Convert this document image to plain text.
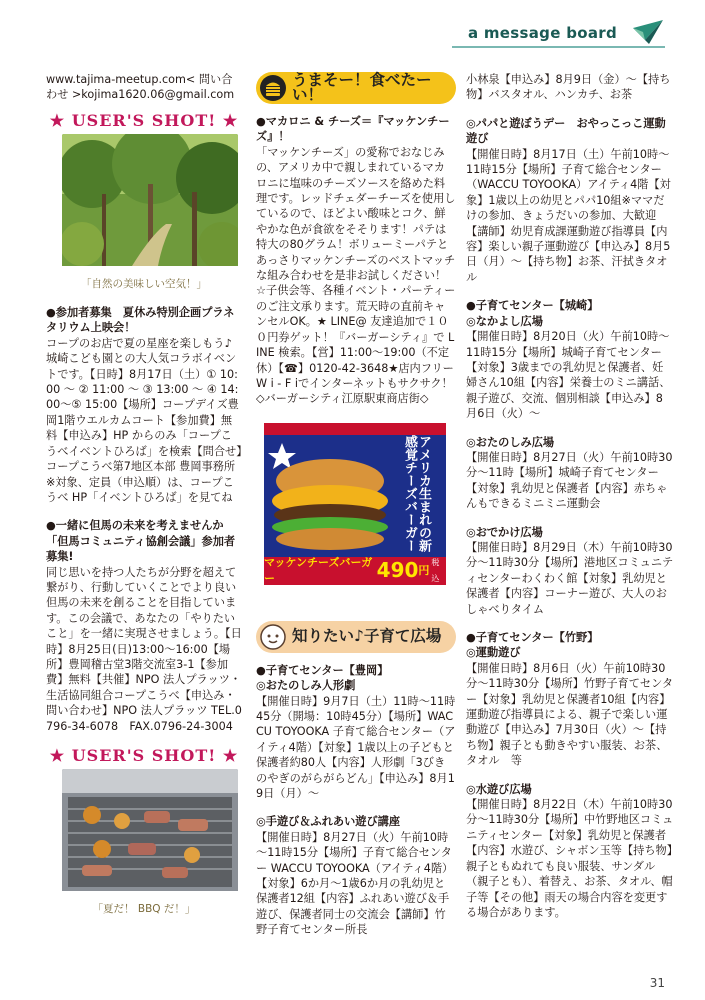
a message board
www.tajima-meetup.com< 問い合わせ >kojima1620.06@gmail.com
★ USER'S SHOT! ★
「自然の美味しい空気！」
●参加者募集　夏休み特別企画プラネタリウム上映会！
コープのお店で夏の星座を楽しもう♪城崎こども園との大人気コラボイベントです。【日時】8月17日（土）① 10:00 ～ ② 11:00 ～ ③ 13:00 ～ ④ 14:00～⑤ 15:00【場所】コープデイズ豊岡1階ウエルカムコート【参加費】無料【申込み】HP からのみ「コープこうべイベントひろば」を検索【問合せ】コープこうべ第7地区本部 豊岡事務所※対象、定員（申込順）は、コープこうべ HP「イベントひろば」を見てね
●一緒に但馬の未来を考えませんか「但馬コミュニティ協創会議」参加者募集!
同じ思いを持つ人たちが分野を超えて繋がり、行動していくことでより良い但馬の未来を創ることを目指しています。この会議で、あなたの「やりたいこと」を一緒に実現させましょう。【日時】8月25日(日)13:00～16:00【場所】豊岡稽古堂3階交流室3-1【参加費】無料【共催】NPO 法人プラッツ・生活協同組合コープこうべ【申込み・問い合わせ】NPO 法人プラッツ TEL.0796-34-6078　FAX.0796-24-3004
★ USER'S SHOT! ★
「夏だ！ BBQ だ！」
うまそー！食べたーい！
●マカロニ & チーズ＝『マッケンチーズ』！
「マッケンチーズ」の愛称でおなじみの、アメリカ中で親しまれているマカロニに塩味のチーズソースを絡めた料理です。レッドチェダーチーズを使用しているので、ほどよい酸味とコク、鮮やかな色が食欲をそそります！パテは特大の80グラム！ボリューミーパテとあっさりマッケンチーズのベストマッチな組み合わせを是非お試しください！☆子供会等、各種イベント・パーティーのご注文承ります。荒天時の直前キャンセルOK。★ LINE@ 友達追加で１００円券ゲット！『バーガーシティ』で LINE 検索。【営】11:00～19:00（不定休）【☎】0120-42-3648★店内フリーW i - F iでインターネットもサクサク！◇バーガーシティ江原駅東商店街◇
アメリカ生まれの新感覚チーズバーガー
マッケンチーズバーガー	490 円
税込
知りたい♪子育て広場
●子育てセンター【豊岡】
◎おたのしみ人形劇
【開催日時】9月7日（土）11時～11時45分（開場：10時45分）【場所】WACCU TOYOOKA 子育て総合センター（アイティ4階）【対象】1歳以上の子どもと保護者約80人【内容】人形劇「3びきのやぎのがらがらどん」【申込み】8月19日（月）～
◎手遊び＆ふれあい遊び講座
【開催日時】8月27日（火）午前10時～11時15分【場所】子育て総合センター WACCU TOYOOKA（アイティ4階）【対象】6か月～1歳6か月の乳幼児と保護者12組【内容】ふれあい遊び＆手遊び、保護者同士の交流会【講師】竹野子育てセンター所長
小林泉【申込み】8月9日（金）～【持ち物】バスタオル、ハンカチ、お茶
◎パパと遊ぼうデー　おやっこっこ運動遊び
【開催日時】8月17日（土）午前10時～11時15分【場所】子育て総合センター（WACCU TOYOOKA）アイティ4階【対象】1歳以上の幼児とパパ10組※ママだけの参加、きょうだいの参加、大歓迎【講師】幼児育成課運動遊び指導員【内容】楽しい親子運動遊び【申込み】8月5日（月）～【持ち物】お茶、汗拭きタオル
●子育てセンター【城崎】
◎なかよし広場
【開催日時】8月20日（火）午前10時～11時15分【場所】城崎子育てセンター【対象】3歳までの乳幼児と保護者、妊婦さん10組【内容】栄養士のミニ講話、親子遊び、交流、個別相談【申込み】8月6日（火）～
◎おたのしみ広場
【開催日時】8月27日（火）午前10時30分～11時【場所】城崎子育てセンター【対象】乳幼児と保護者【内容】赤ちゃんもできるミニミニ運動会
◎おでかけ広場
【開催日時】8月29日（木）午前10時30分～11時30分【場所】港地区コミュニティセンターわくわく館【対象】乳幼児と保護者【内容】コーナー遊び、大人のおしゃべりタイム
●子育てセンター【竹野】
◎運動遊び
【開催日時】8月6日（火）午前10時30分～11時30分【場所】竹野子育てセンター【対象】乳幼児と保護者10組【内容】運動遊び指導員による、親子で楽しい運動遊び【申込み】7月30日（火）～【持ち物】親子とも動きやすい服装、お茶、タオル　等
◎水遊び広場
【開催日時】8月22日（木）午前10時30分～11時30分【場所】中竹野地区コミュニティセンター【対象】乳幼児と保護者【内容】水遊び、シャボン玉等【持ち物】親子ともぬれても良い服装、サンダル（親子とも）、着替え、お茶、タオル、帽子等【その他】雨天の場合内容を変更する場合があります。
31
